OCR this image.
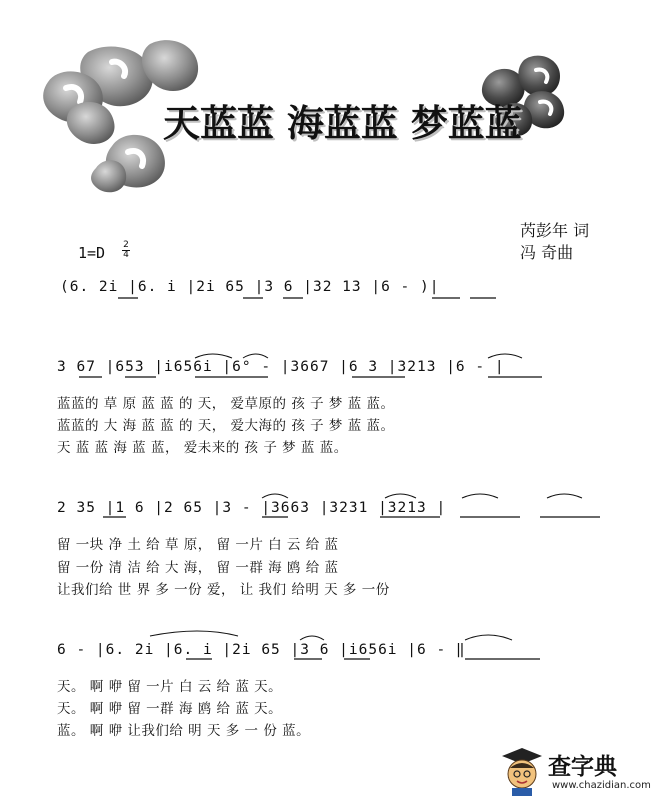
天蓝蓝 海蓝蓝 梦蓝蓝
芮彭年 词
冯 奇曲
1=D 2
4
(6. 2i |6. i |2i 65 |3 6 |32 13 |6 - )|
3 67 |653 |i656i |6° - |3667 |6 3 |3213 |6 - |
蓝蓝的 草 原 蓝 蓝 的 天， 爱草原的 孩 子 梦 蓝 蓝。
蓝蓝的 大 海 蓝 蓝 的 天， 爱大海的 孩 子 梦 蓝 蓝。
天 蓝 蓝 海 蓝 蓝， 爱未来的 孩 子 梦 蓝 蓝。
2 35 |1 6 |2 65 |3 - |3663 |3231 |3213 |
留 一块 净 土 给 草 原， 留 一片 白 云 给 蓝
留 一份 清 洁 给 大 海， 留 一群 海 鸥 给 蓝
让我们给 世 界 多 一份 爱， 让 我们 给明 天 多 一份
6 - |6. 2i |6. i |2i 65 |3 6 |i656i |6 - ‖
天。 啊 咿 留 一片 白 云 给 蓝 天。
天。 啊 咿 留 一群 海 鸥 给 蓝 天。
蓝。 啊 咿 让我们给 明 天 多 一 份 蓝。
查字典
www.chazidian.com
